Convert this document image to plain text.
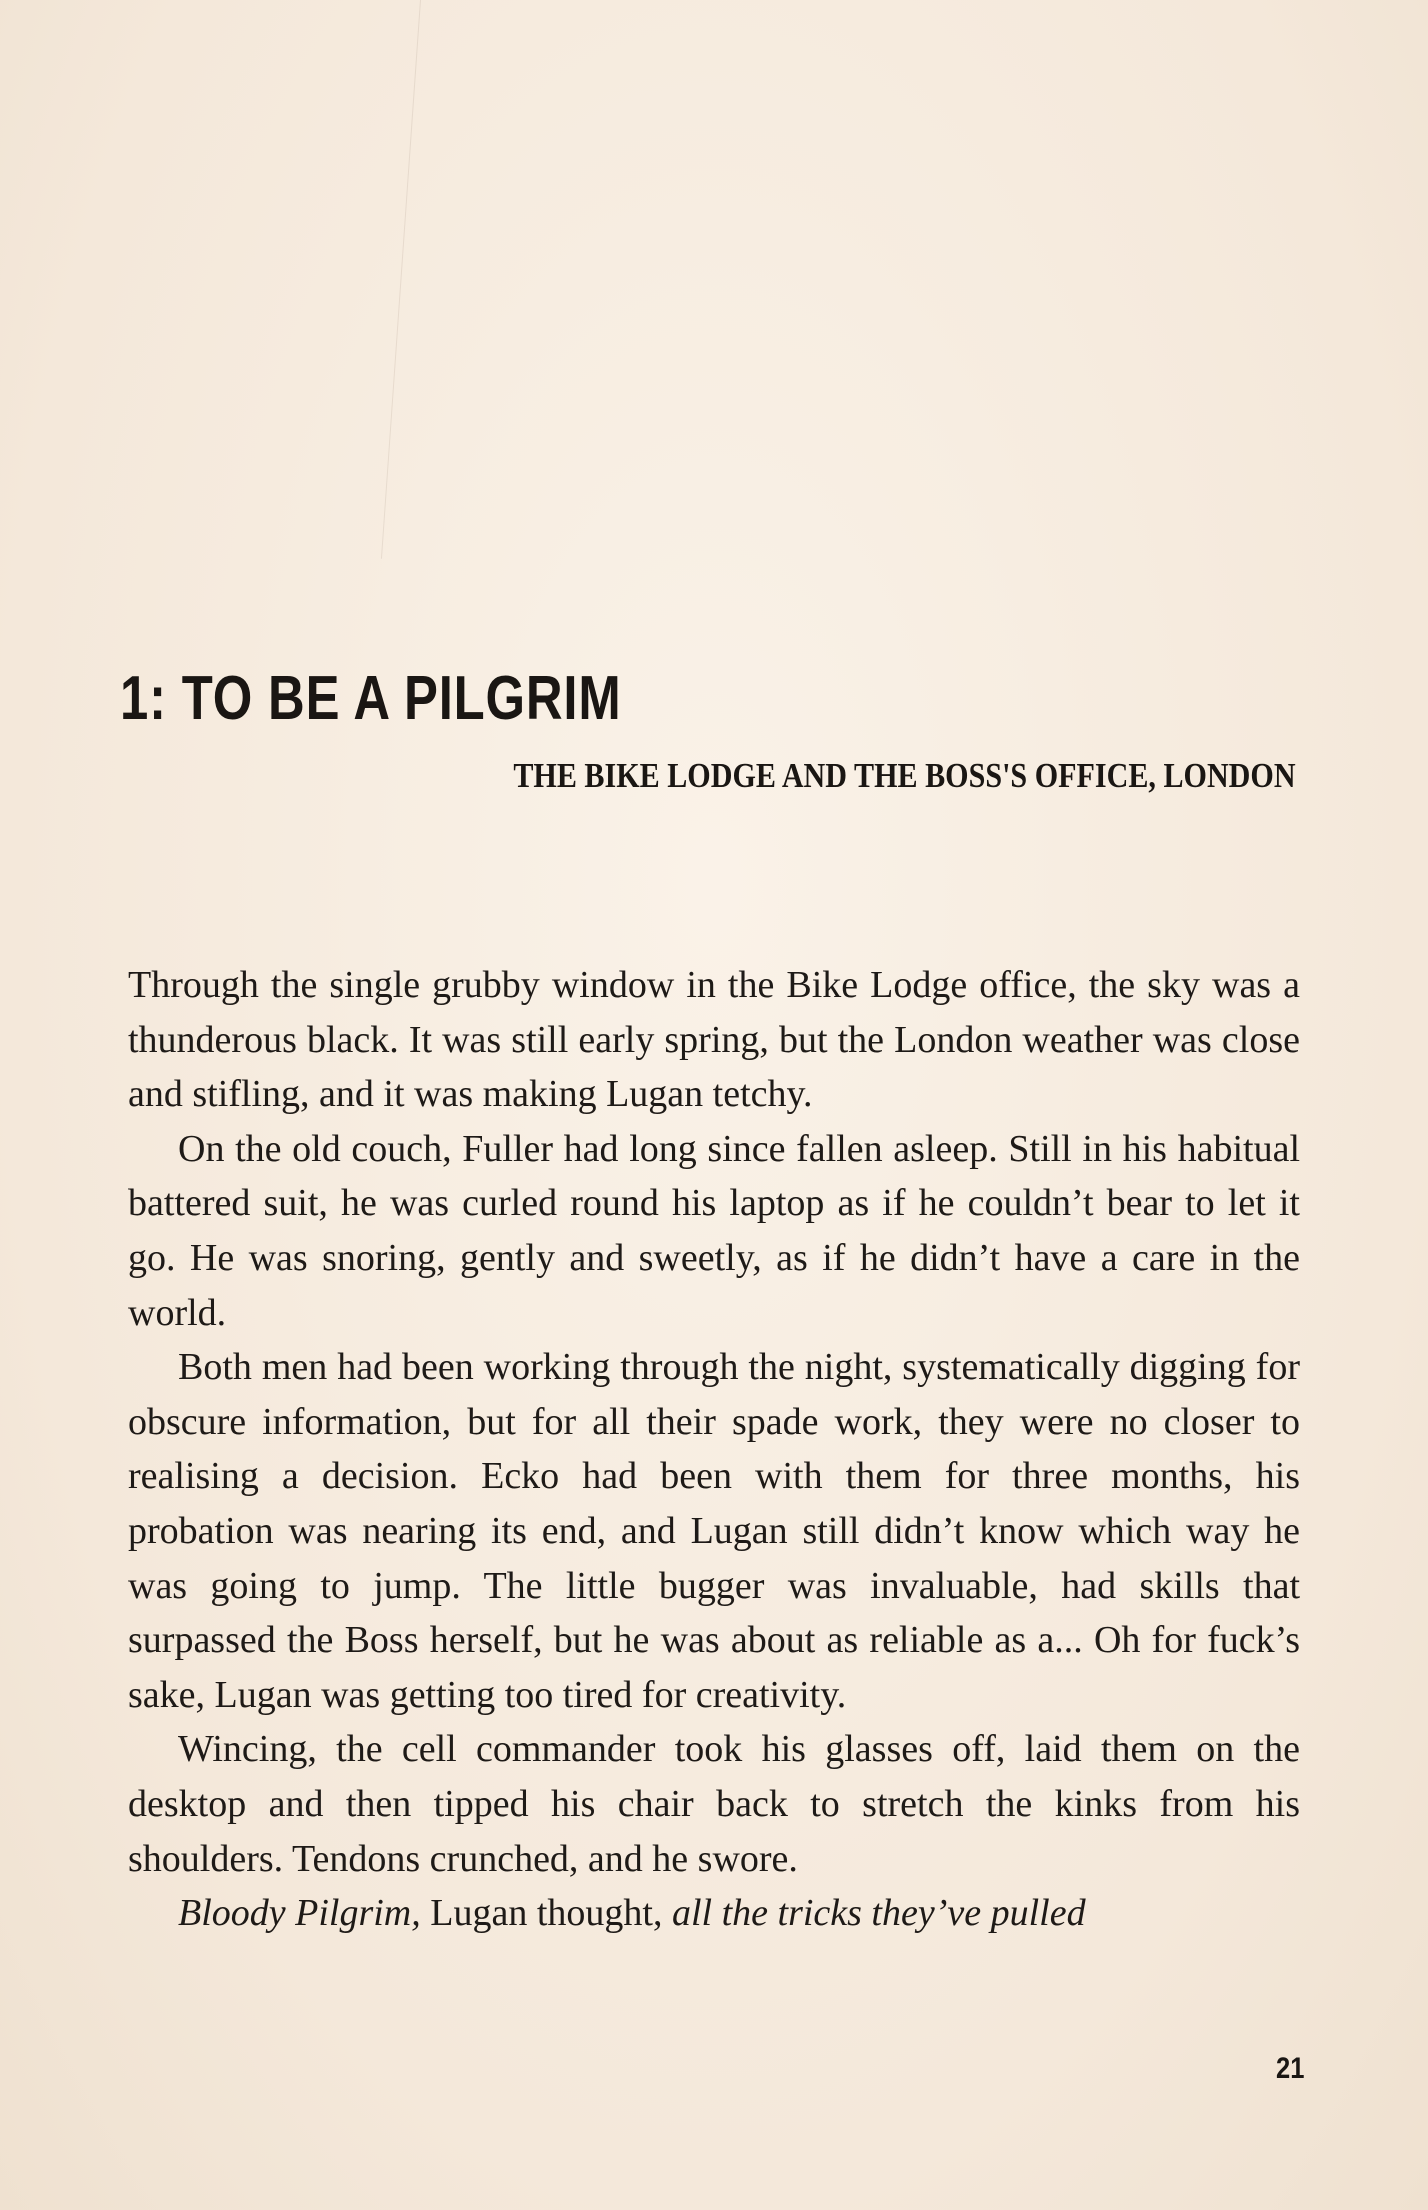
1: TO BE A PILGRIM
THE BIKE LODGE AND THE BOSS'S OFFICE, LONDON

Through the single grubby window in the Bike Lodge office, the sky was a thunderous black. It was still early spring, but the London weather was close and stifling, and it was making Lugan tetchy.

On the old couch, Fuller had long since fallen asleep. Still in his habitual battered suit, he was curled round his laptop as if he couldn’t bear to let it go. He was snoring, gently and sweetly, as if he didn’t have a care in the world.

Both men had been working through the night, systematically digging for obscure information, but for all their spade work, they were no closer to realising a decision. Ecko had been with them for three months, his probation was nearing its end, and Lugan still didn’t know which way he was going to jump. The little bugger was invaluable, had skills that surpassed the Boss herself, but he was about as reliable as a... Oh for fuck’s sake, Lugan was getting too tired for creativity.

Wincing, the cell commander took his glasses off, laid them on the desktop and then tipped his chair back to stretch the kinks from his shoulders. Tendons crunched, and he swore.

Bloody Pilgrim, Lugan thought, all the tricks they’ve pulled

21
